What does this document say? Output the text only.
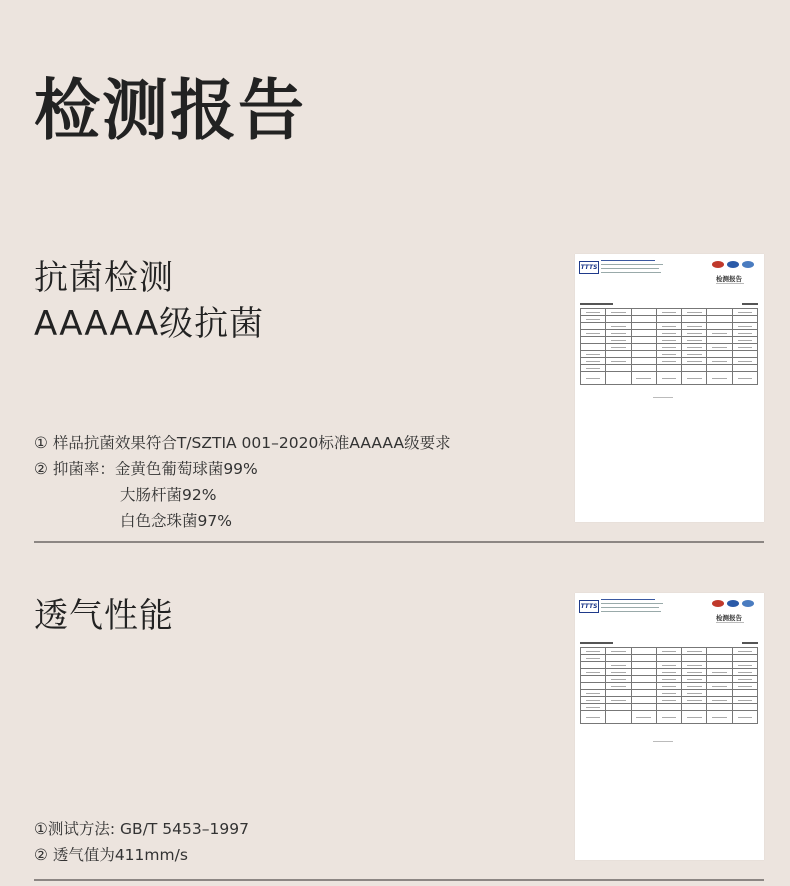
检测报告
抗菌检测
AAAAA级抗菌
① 样品抗菌效果符合T/SZTIA 001–2020标准AAAAA级要求
② 抑菌率：金黄色葡萄球菌99%
大肠杆菌92%
白色念珠菌97%
TTTS
检测报告

透气性能
①测试方法: GB/T 5453–1997
② 透气值为411mm/s
TTTS
检测报告
